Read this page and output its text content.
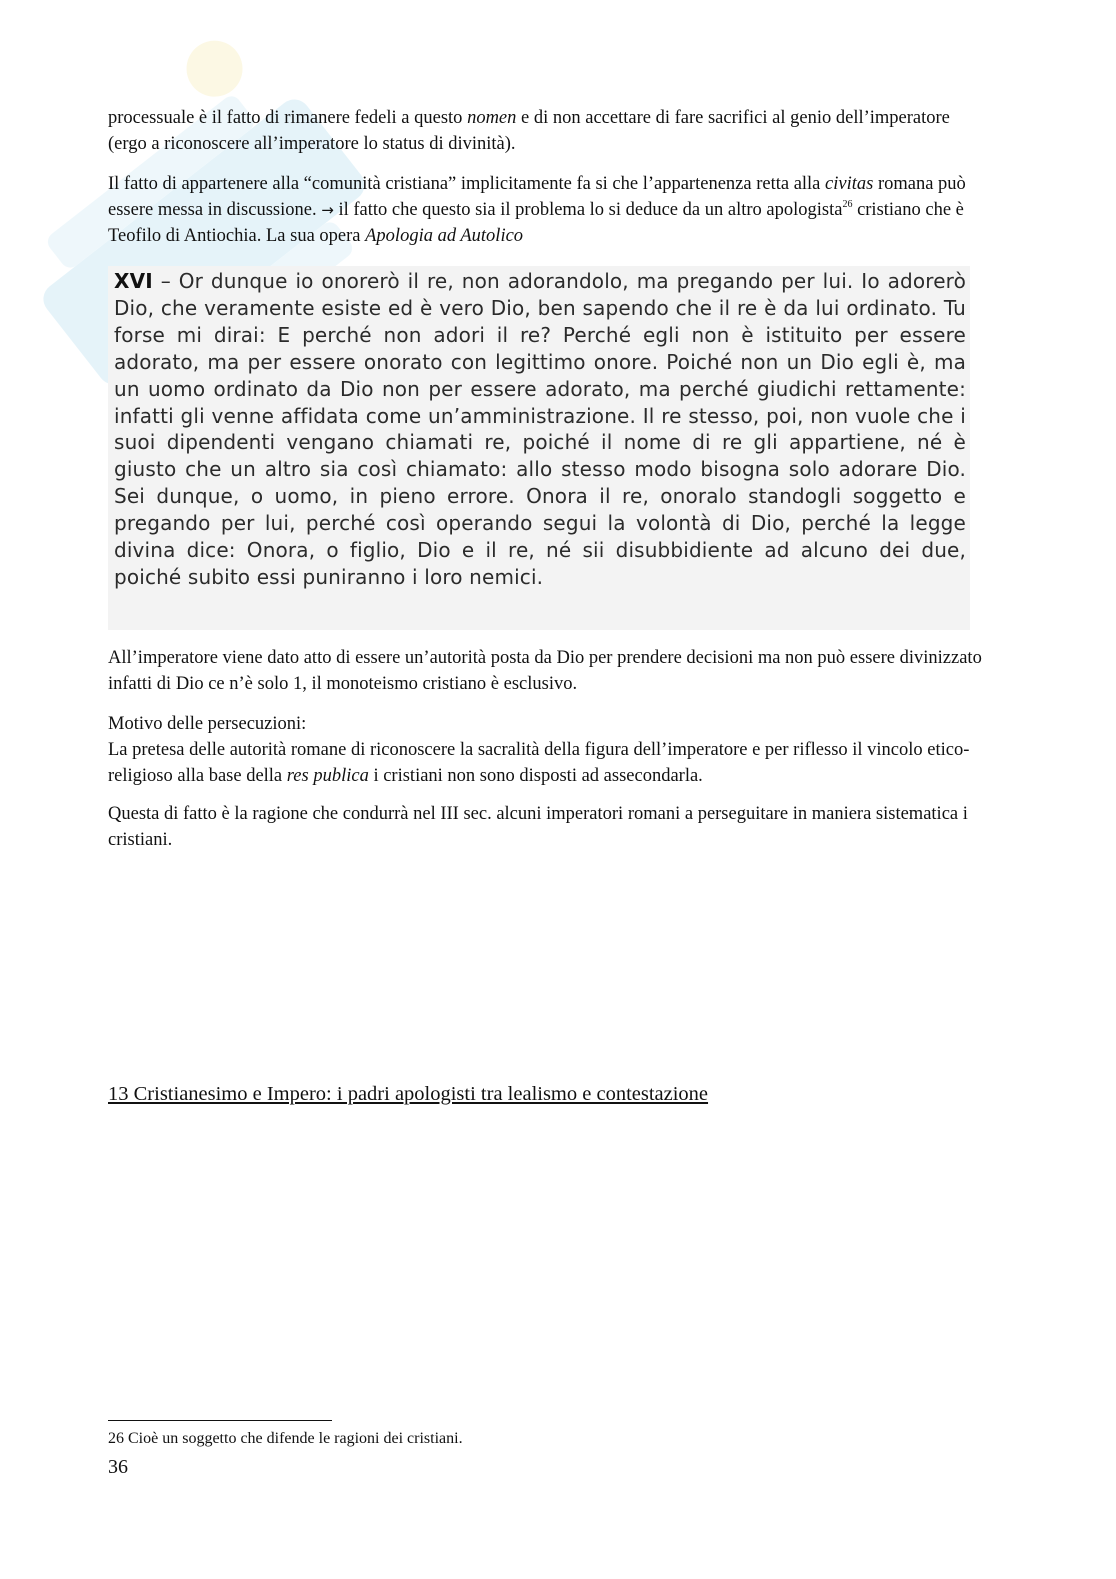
processuale è il fatto di rimanere fedeli a questo nomen e di non accettare di fare sacrifici al genio dell’imperatore (ergo a riconoscere all’imperatore lo status di divinità).

Il fatto di appartenere alla “comunità cristiana” implicitamente fa si che l’appartenenza retta alla civitas romana può essere messa in discussione. → il fatto che questo sia il problema lo si deduce da un altro apologista$^{26}$ cristiano che è Teofilo di Antiochia. La sua opera Apologia ad Autolico

XVI – Or dunque io onorerò il re, non adorandolo, ma pregando per lui. Io adorerò Dio, che veramente esiste ed è vero Dio, ben sapendo che il re è da lui ordinato. Tu forse mi dirai: E perché non adori il re? Perché egli non è istituito per essere adorato, ma per essere onorato con legittimo onore. Poiché non un Dio egli è, ma un uomo ordinato da Dio non per essere adorato, ma perché giudichi rettamente: infatti gli venne affidata come un’amministrazione. Il re stesso, poi, non vuole che i suoi dipendenti vengano chiamati re, poiché il nome di re gli appartiene, né è giusto che un altro sia così chiamato: allo stesso modo bisogna solo adorare Dio. Sei dunque, o uomo, in pieno errore. Onora il re, onoralo standogli soggetto e pregando per lui, perché così operando segui la volontà di Dio, perché la legge divina dice: Onora, o figlio, Dio e il re, né sii disubbidiente ad alcuno dei due, poiché subito essi puniranno i loro nemici.

All’imperatore viene dato atto di essere un’autorità posta da Dio per prendere decisioni ma non può essere divinizzato infatti di Dio ce n’è solo 1, il monoteismo cristiano è esclusivo.

Motivo delle persecuzioni:
La pretesa delle autorità romane di riconoscere la sacralità della figura dell’imperatore e per riflesso il vincolo etico-religioso alla base della res publica i cristiani non sono disposti ad assecondarla.

Questa di fatto è la ragione che condurrà nel III sec. alcuni imperatori romani a perseguitare in maniera sistematica i cristiani.

13 Cristianesimo e Impero: i padri apologisti tra lealismo e contestazione

26 Cioè un soggetto che difende le ragioni dei cristiani.

36
